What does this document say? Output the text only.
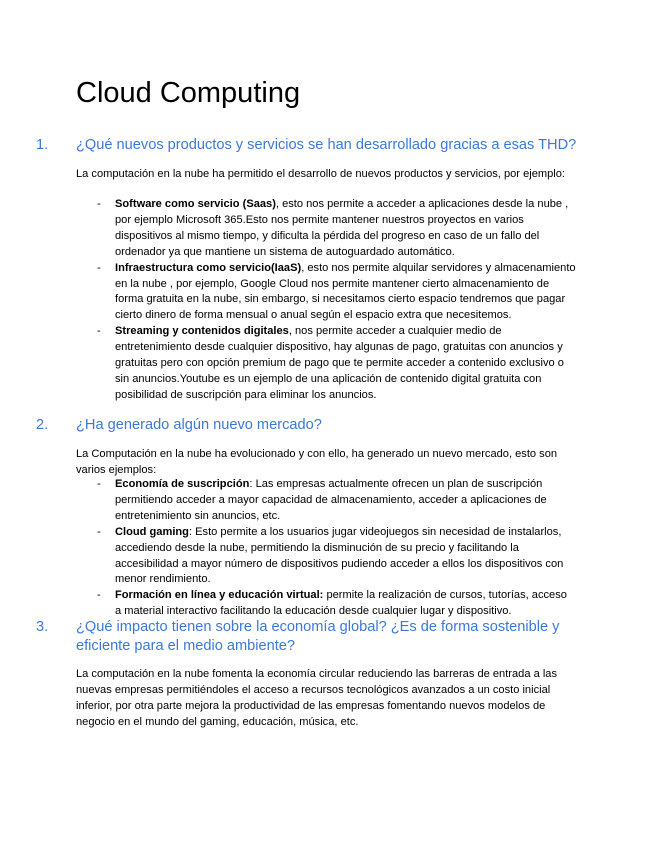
Cloud Computing
1. ¿Qué nuevos productos y servicios se han desarrollado gracias a esas THD?

La computación en la nube ha permitido el desarrollo de nuevos productos y servicios, por ejemplo:

- Software como servicio (Saas), esto nos permite a acceder a aplicaciones desde la nube , por ejemplo Microsoft 365.Esto nos permite mantener nuestros proyectos en varios dispositivos al mismo tiempo, y dificulta la pérdida del progreso en caso de un fallo del ordenador ya que mantiene un sistema de autoguardado automático.
- Infraestructura como servicio(IaaS), esto nos permite alquilar servidores y almacenamiento en la nube , por ejemplo, Google Cloud nos permite mantener cierto almacenamiento de forma gratuita en la nube, sin embargo, si necesitamos cierto espacio tendremos que pagar cierto dinero de forma mensual o anual según el espacio extra que necesitemos.
- Streaming y contenidos digitales, nos permite acceder a cualquier medio de entretenimiento desde cualquier dispositivo, hay algunas de pago, gratuitas con anuncios y gratuitas pero con opción premium de pago que te permite acceder a contenido exclusivo o sin anuncios.Youtube es un ejemplo de una aplicación de contenido digital gratuita con posibilidad de suscripción para eliminar los anuncios.
2. ¿Ha generado algún nuevo mercado?

La Computación en la nube ha evolucionado y con ello, ha generado un nuevo mercado, esto son varios ejemplos:

- Economía de suscripción: Las empresas actualmente ofrecen un plan de suscripción permitiendo acceder a mayor capacidad de almacenamiento, acceder a aplicaciones de entretenimiento sin anuncios, etc.
- Cloud gaming: Esto permite a los usuarios jugar videojuegos sin necesidad de instalarlos, accediendo desde la nube, permitiendo la disminución de su precio y facilitando la accesibilidad a mayor número de dispositivos pudiendo acceder a ellos los dispositivos con menor rendimiento.
- Formación en línea y educación virtual: permite la realización de cursos, tutorías, acceso a material interactivo facilitando la educación desde cualquier lugar y dispositivo.
3. ¿Qué impacto tienen sobre la economía global? ¿Es de forma sostenible y eficiente para el medio ambiente?

La computación en la nube fomenta la economía circular reduciendo las barreras de entrada a las nuevas empresas permitiéndoles el acceso a recursos tecnológicos avanzados a un costo inicial inferior, por otra parte mejora la productividad de las empresas fomentando nuevos modelos de negocio en el mundo del gaming, educación, música, etc.
